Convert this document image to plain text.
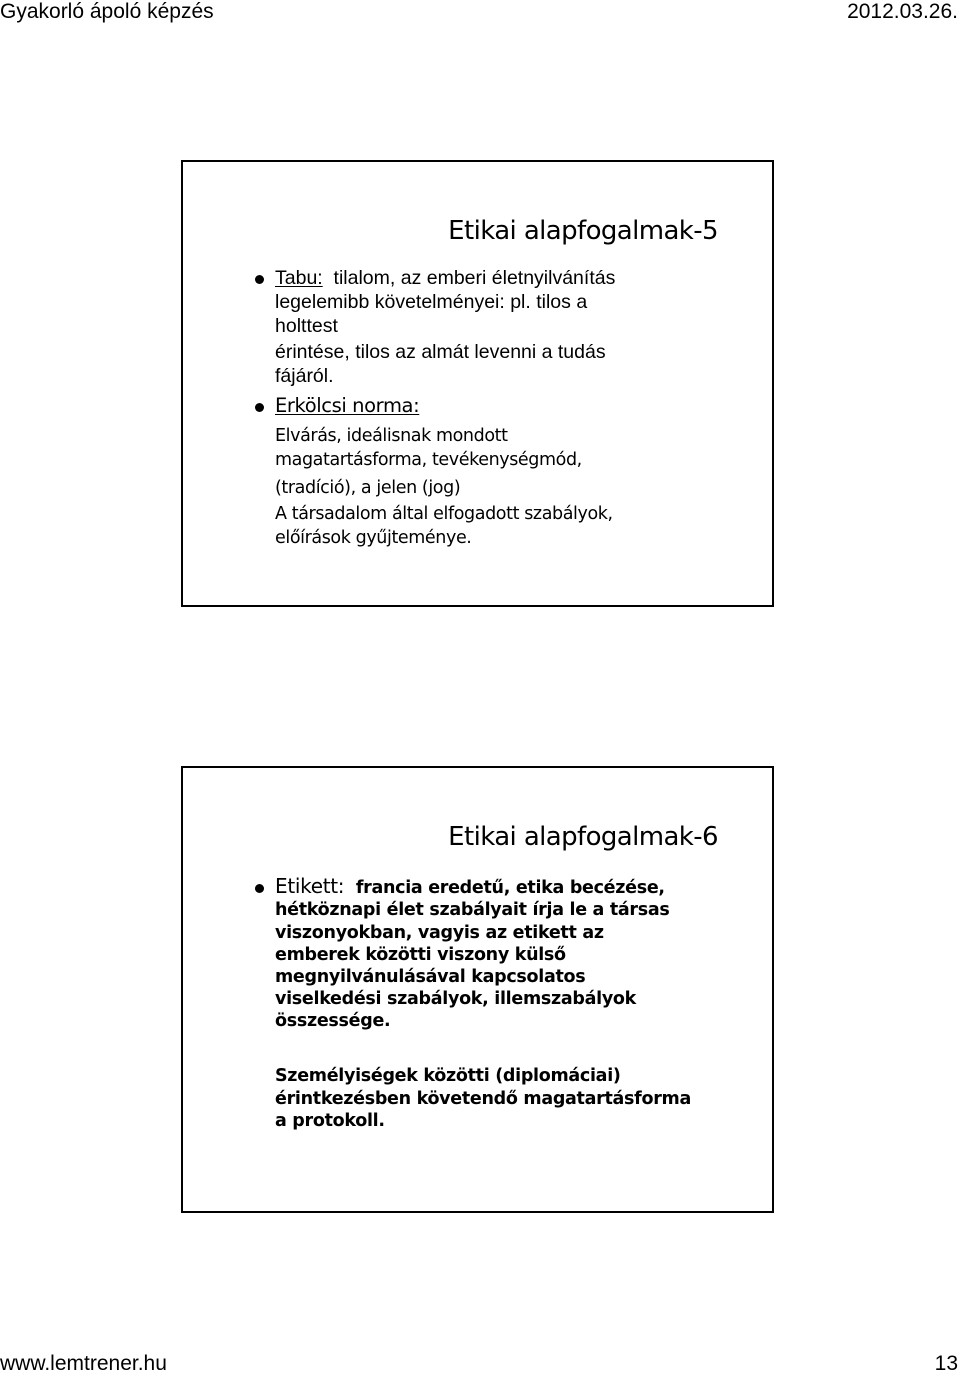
Gyakorló ápoló képzés	2012.03.26.
Etikai alapfogalmak-5
Tabu: tilalom, az emberi életnyilvánítás
legelemibb követelményei: pl. tilos a
holttest
érintése, tilos az almát levenni a tudás
fájáról.
Erkölcsi norma:
Elvárás, ideálisnak mondott
magatartásforma, tevékenységmód,
(tradíció), a jelen (jog)
A társadalom által elfogadott szabályok,
előírások gyűjteménye.
Etikai alapfogalmak-6
Etikett: francia eredetű, etika becézése,
hétköznapi élet szabályait írja le a társas
viszonyokban, vagyis az etikett az
emberek közötti viszony külső
megnyilvánulásával kapcsolatos
viselkedési szabályok, illemszabályok
összessége.
Személyiségek közötti (diplomáciai)
érintkezésben követendő magatartásforma
a protokoll.
www.lemtrener.hu	13
